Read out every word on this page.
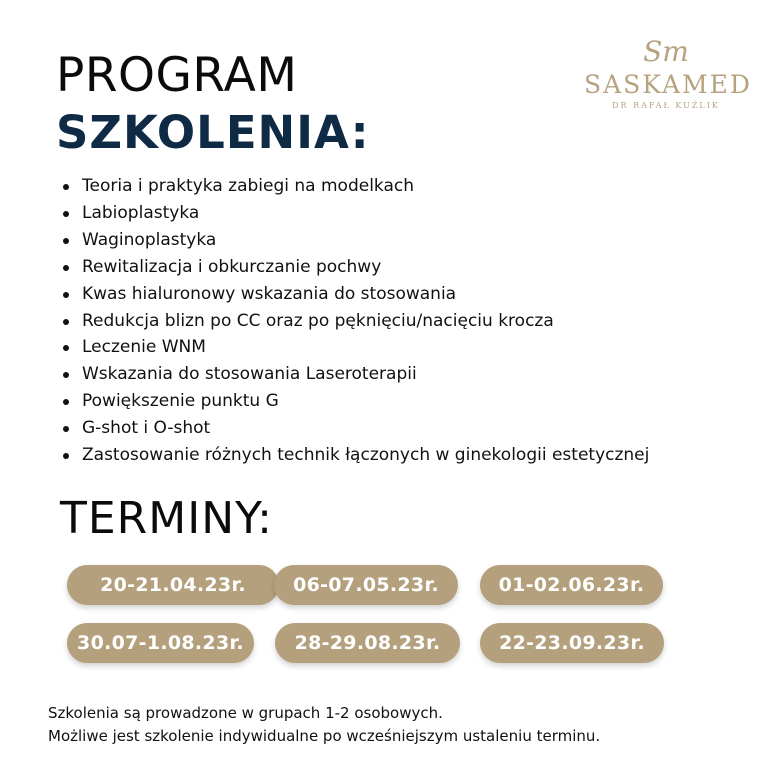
PROGRAM
SZKOLENIA:
Sm
SASKAMED
DR RAFAŁ KUŹLIK
Teoria i praktyka zabiegi na modelkach
Labioplastyka
Waginoplastyka
Rewitalizacja i obkurczanie pochwy
Kwas hialuronowy wskazania do stosowania
Redukcja blizn po CC oraz po pęknięciu/nacięciu krocza
Leczenie WNM
Wskazania do stosowania Laseroterapii
Powiększenie punktu G
G-shot i O-shot
Zastosowanie różnych technik łączonych w ginekologii estetycznej
TERMINY:
20-21.04.23r.	06-07.05.23r.	01-02.06.23r.
30.07-1.08.23r.	28-29.08.23r.	22-23.09.23r.
Szkolenia są prowadzone w grupach 1-2 osobowych.
Możliwe jest szkolenie indywidualne po wcześniejszym ustaleniu terminu.
